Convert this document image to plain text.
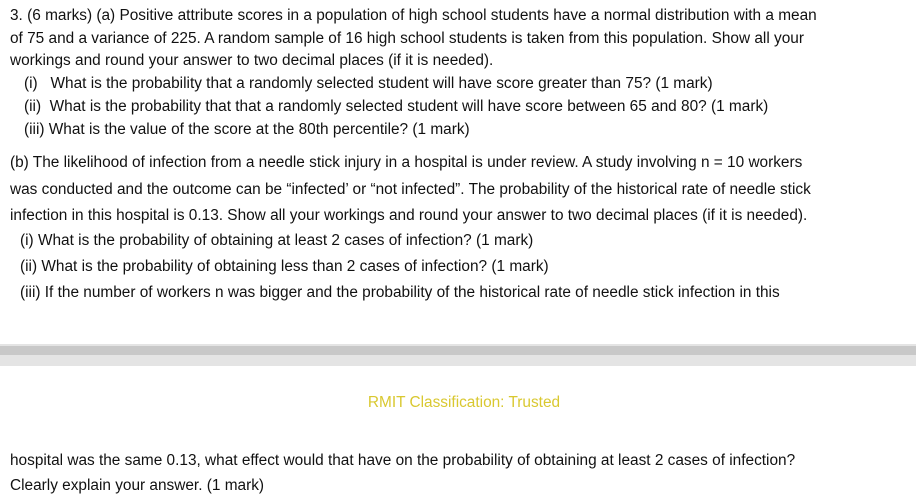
3. (6 marks) (a) Positive attribute scores in a population of high school students have a normal distribution with a mean
of 75 and a variance of 225. A random sample of 16 high school students is taken from this population. Show all your
workings and round your answer to two decimal places (if it is needed).
(i)   What is the probability that a randomly selected student will have score greater than 75? (1 mark)
(ii)  What is the probability that that a randomly selected student will have score between 65 and 80? (1 mark)
(iii) What is the value of the score at the 80th percentile? (1 mark)
(b) The likelihood of infection from a needle stick injury in a hospital is under review. A study involving n = 10 workers
was conducted and the outcome can be “infected’ or “not infected”. The probability of the historical rate of needle stick
infection in this hospital is 0.13. Show all your workings and round your answer to two decimal places (if it is needed).
(i) What is the probability of obtaining at least 2 cases of infection? (1 mark)
(ii) What is the probability of obtaining less than 2 cases of infection? (1 mark)
(iii) If the number of workers n was bigger and the probability of the historical rate of needle stick infection in this
RMIT Classification: Trusted
hospital was the same 0.13, what effect would that have on the probability of obtaining at least 2 cases of infection?
Clearly explain your answer. (1 mark)
